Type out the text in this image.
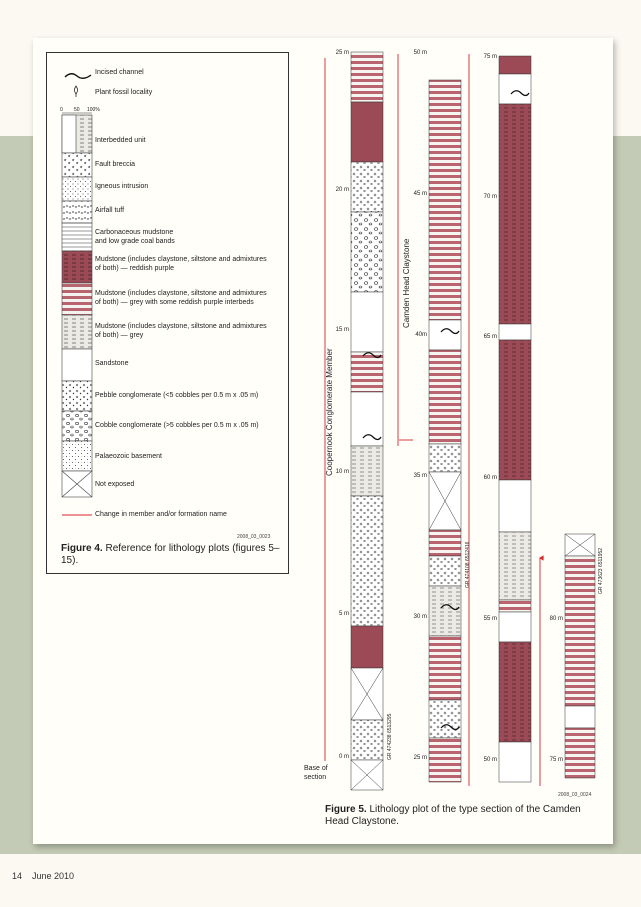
0 50 100%
Incised channel
Plant fossil locality
Interbedded unit
Fault breccia
Igneous intrusion
Airfall tuff
Carbonaceous mudstone
and low grade coal bands
Mudstone (includes claystone, siltstone and admixtures
of both) — reddish purple
Mudstone (includes claystone, siltstone and admixtures
of both) — grey with some reddish purple interbeds
Mudstone (includes claystone, siltstone and admixtures
of both) — grey
Sandstone
Pebble conglomerate (<5 cobbles per 0.5 m x .05 m)
Cobble conglomerate (>5 cobbles per 0.5 m x .05 m)
Palaeozoic basement
Not exposed
Change in member and/or formation name
2008_03_0023
Figure 4. Reference for lithology plots (figures 5–15).
25 m
20 m
15 m
10 m
5 m
0 m
50 m
45 m
40m
35 m
30 m
25 m
75 m
70 m
65 m
60 m
55 m
50 m
80 m
75 m
Coopernook Conglomerate Member
Camden Head Claystone
GR 474238 6513295
GR 474108 6512416	GR 473623 6511952
Base of
section
2008_03_0024
Figure 5. Lithology plot of the type section of the Camden Head Claystone.
14 June 2010
